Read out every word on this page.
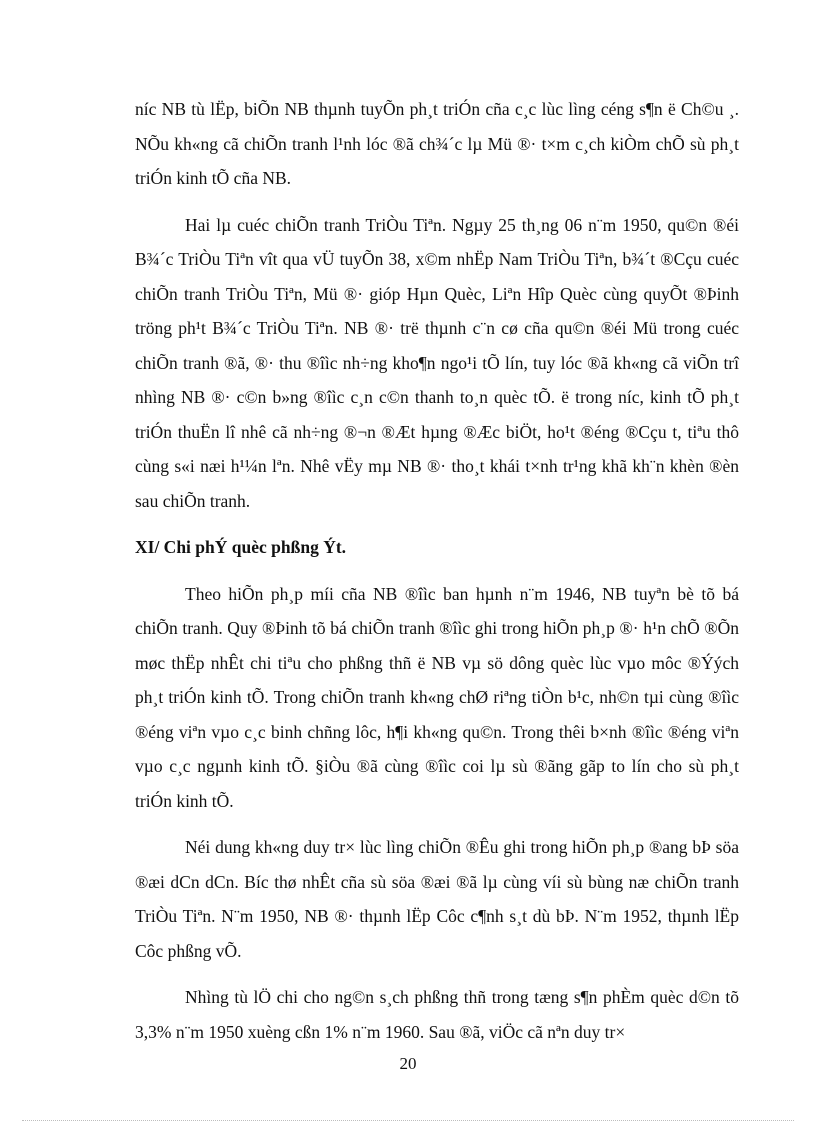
níc NB tù lËp, biÕn NB thµnh tuyÕn ph¸t triÓn cña c¸c lùc lìng céng s¶n ë Ch©u ¸. NÕu kh«ng cã chiÕn tranh l¹nh lóc ®ã ch¾´c lµ Mü ®· t×m c¸ch kiÒm chÕ sù ph¸t triÓn kinh tÕ cña NB.

Hai lµ cuéc chiÕn tranh TriÒu Tiªn. Ngµy 25 th¸ng 06 n¨m 1950, qu©n ®éi B¾´c TriÒu Tiªn vît qua vÜ tuyÕn 38, x©m nhËp Nam TriÒu Tiªn, b¾´t ®Cçu cuéc chiÕn tranh TriÒu Tiªn, Mü ®· gióp Hµn Quèc, Liªn Hîp Quèc cùng quyÕt ®Þinh tröng ph¹t B¾´c TriÒu Tiªn. NB ®· trë thµnh c¨n cø cña qu©n ®éi Mü trong cuéc chiÕn tranh ®ã, ®· thu ®îìc nh÷ng kho¶n ngo¹i tÕ lín, tuy lóc ®ã kh«ng cã viÕn trî nhìng NB ®· c©n b»ng ®îìc c¸n c©n thanh to¸n quèc tÕ. ë trong níc, kinh tÕ ph¸t triÓn thuËn lî nhê cã nh÷ng ®¬n ®Æt hµng ®Æc biÖt, ho¹t ®éng ®Cçu t, tiªu thô cùng s«i næi h¹¼n lªn. Nhê vËy mµ NB ®· tho¸t khái t×nh tr¹ng khã kh¨n khèn ®èn sau chiÕn tranh.

XI/ Chi phÝ quèc phßng Ýt.

Theo hiÕn ph¸p míi cña NB ®îìc ban hµnh n¨m 1946, NB tuyªn bè tõ bá chiÕn tranh. Quy ®Þinh tõ bá chiÕn tranh ®îìc ghi trong hiÕn ph¸p ®· h¹n chÕ ®Õn møc thËp nhÊt chi tiªu cho phßng thñ ë NB vµ sö dông quèc lùc vµo môc ®Ýých ph¸t triÓn kinh tÕ. Trong chiÕn tranh kh«ng chØ riªng tiÒn b¹c, nh©n tµi cùng ®îìc ®éng viªn vµo c¸c binh chñng lôc, h¶i kh«ng qu©n. Trong thêi b×nh ®îìc ®éng viªn vµo c¸c ngµnh kinh tÕ. §iÒu ®ã cùng ®îìc coi lµ sù ®ãng gãp to lín cho sù ph¸t triÓn kinh tÕ.

Néi dung kh«ng duy tr× lùc lìng chiÕn ®Êu ghi trong hiÕn ph¸p ®ang bÞ söa ®æi dCn dCn. Bíc thø nhÊt cña sù söa ®æi ®ã lµ cùng víi sù bùng næ chiÕn tranh TriÒu Tiªn. N¨m 1950, NB ®· thµnh lËp Côc c¶nh s¸t dù bÞ. N¨m 1952, thµnh lËp Côc phßng vÕ.

Nhìng tù lÖ chi cho ng©n s¸ch phßng thñ trong tæng s¶n phÈm quèc d©n tõ 3,3% n¨m 1950 xuèng cßn 1% n¨m 1960. Sau ®ã, viÖc cã nªn duy tr×

20
